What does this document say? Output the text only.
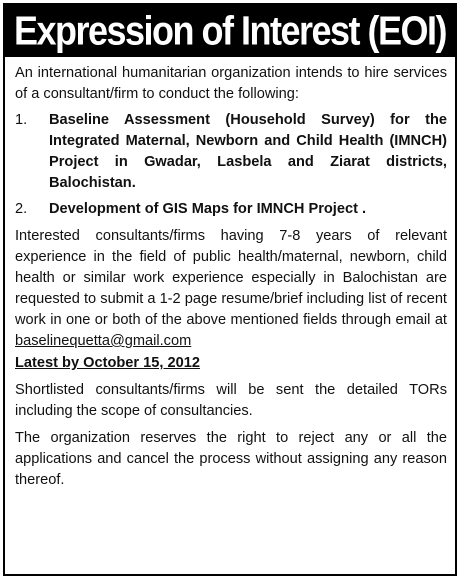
Expression of Interest (EOI)

An international humanitarian organization intends to hire services of a consultant/firm to conduct the following:

1.	Baseline Assessment (Household Survey) for the Integrated Maternal, Newborn and Child Health (IMNCH) Project in Gwadar, Lasbela and Ziarat districts, Balochistan.
2.	Development of GIS Maps for IMNCH Project .

Interested consultants/firms having 7-8 years of relevant experience in the field of public health/maternal, newborn, child health or similar work experience especially in Balochistan are requested to submit a 1-2 page resume/brief including list of recent work in one or both of the above mentioned fields through email at baselinequetta@gmail.com

Latest by October 15, 2012

Shortlisted consultants/firms will be sent the detailed TORs including the scope of consultancies.

The organization reserves the right to reject any or all the applications and cancel the process without assigning any reason thereof.
